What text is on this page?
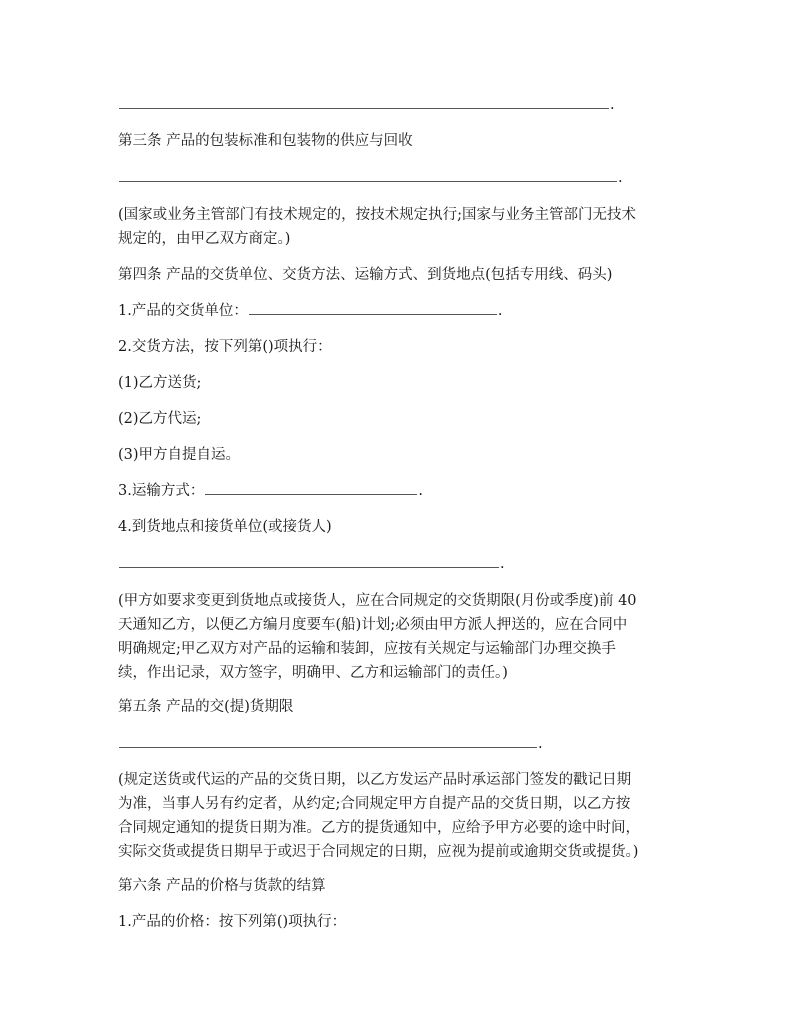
.
第三条 产品的包装标准和包装物的供应与回收
.
(国家或业务主管部门有技术规定的，按技术规定执行;国家与业务主管部门无技术
规定的，由甲乙双方商定。)
第四条 产品的交货单位、交货方法、运输方式、到货地点(包括专用线、码头)
1.产品的交货单位：	.
2.交货方法，按下列第()项执行：
(1)乙方送货;
(2)乙方代运;
(3)甲方自提自运。
3.运输方式：	.
4.到货地点和接货单位(或接货人)
.
(甲方如要求变更到货地点或接货人，应在合同规定的交货期限(月份或季度)前 40
天通知乙方，以便乙方编月度要车(船)计划;必须由甲方派人押送的，应在合同中
明确规定;甲乙双方对产品的运输和装卸，应按有关规定与运输部门办理交换手
续，作出记录，双方签字，明确甲、乙方和运输部门的责任。)
第五条 产品的交(提)货期限
.
(规定送货或代运的产品的交货日期，以乙方发运产品时承运部门签发的戳记日期
为准，当事人另有约定者，从约定;合同规定甲方自提产品的交货日期，以乙方按
合同规定通知的提货日期为准。乙方的提货通知中，应给予甲方必要的途中时间，
实际交货或提货日期早于或迟于合同规定的日期，应视为提前或逾期交货或提货。)
第六条 产品的价格与货款的结算
1.产品的价格：按下列第()项执行：
